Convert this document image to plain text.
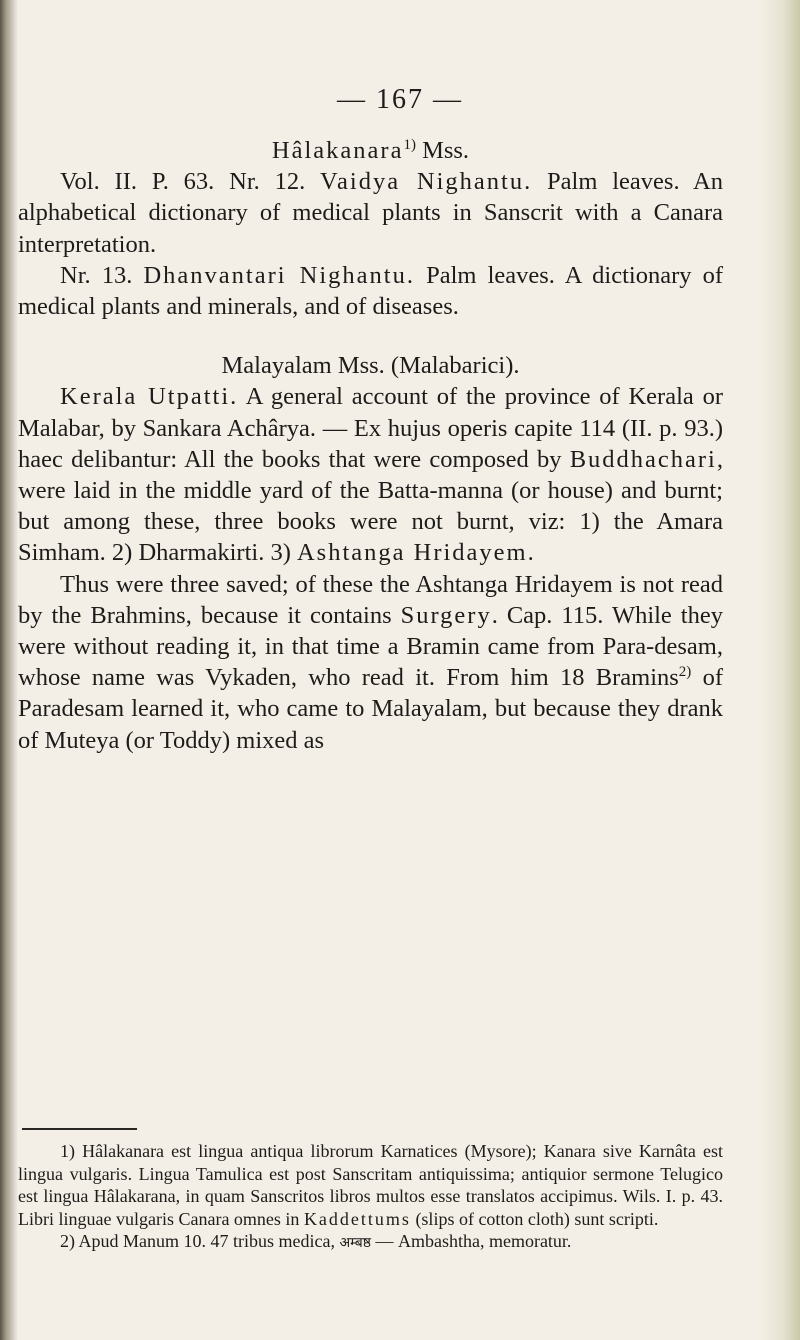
— 167 —

Hâlakanara$^{1)}$ Mss.

Vol. II. P. 63. Nr. 12. Vaidya Nighantu. Palm leaves. An alphabetical dictionary of medical plants in Sanscrit with a Canara interpretation.

Nr. 13. Dhanvantari Nighantu. Palm leaves. A dictionary of medical plants and minerals, and of diseases.

Malayalam Mss. (Malabarici).

Kerala Utpatti. A general account of the province of Kerala or Malabar, by Sankara Achârya. — Ex hujus operis capite 114 (II. p. 93.) haec delibantur: All the books that were composed by Buddhachari, were laid in the middle yard of the Batta-manna (or house) and burnt; but among these, three books were not burnt, viz: 1) the Amara Simham. 2) Dharmakirti. 3) Ashtanga Hridayem.

Thus were three saved; of these the Ashtanga Hridayem is not read by the Brahmins, because it contains Surgery. Cap. 115. While they were without reading it, in that time a Bramin came from Para-desam, whose name was Vykaden, who read it. From him 18 Bramins$^{2)}$ of Paradesam learned it, who came to Malayalam, but because they drank of Muteya (or Toddy) mixed as

1) Hâlakanara est lingua antiqua librorum Karnatices (Mysore); Kanara sive Karnâta est lingua vulgaris. Lingua Tamulica est post Sanscritam antiquissima; antiquior sermone Telugico est lingua Hâlakarana, in quam Sanscritos libros multos esse translatos accipimus. Wils. I. p. 43. Libri linguae vulgaris Canara omnes in Kaddettums (slips of cotton cloth) sunt scripti.

2) Apud Manum 10. 47 tribus medica, अम्बष्ठ — Ambashtha, memoratur.
